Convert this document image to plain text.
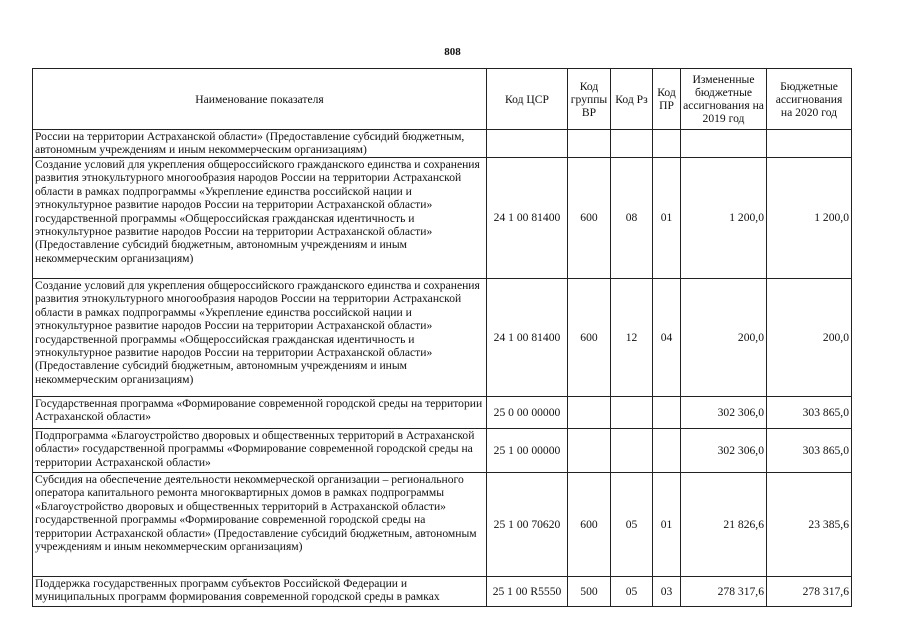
808
Наименование показателя	Код ЦСР	Код группы ВР	Код Рз	Код ПР	Измененные бюджетные ассигнования на 2019 год	Бюджетные ассигнования на 2020 год
России на территории Астраханской области» (Предоставление субсидий бюджетным, автономным учреждениям и иным некоммерческим организациям)						
Создание условий для укрепления общероссийского гражданского единства и сохранения развития этнокультурного многообразия народов России на территории Астраханской области в рамках подпрограммы «Укрепление единства российской нации и этнокультурное развитие народов России на территории Астраханской области» государственной программы «Общероссийская гражданская идентичность и этнокультурное развитие народов России на территории Астраханской области» (Предоставление субсидий бюджетным, автономным учреждениям и иным некоммерческим организациям)	24 1 00 81400	600	08	01	1 200,0	1 200,0
Создание условий для укрепления общероссийского гражданского единства и сохранения развития этнокультурного многообразия народов России на территории Астраханской области в рамках подпрограммы «Укрепление единства российской нации и этнокультурное развитие народов России на территории Астраханской области» государственной программы «Общероссийская гражданская идентичность и этнокультурное развитие народов России на территории Астраханской области» (Предоставление субсидий бюджетным, автономным учреждениям и иным некоммерческим организациям)	24 1 00 81400	600	12	04	200,0	200,0
Государственная программа «Формирование современной городской среды на территории Астраханской области»	25 0 00 00000				302 306,0	303 865,0
Подпрограмма «Благоустройство дворовых и общественных территорий в Астраханской области» государственной программы «Формирование современной городской среды на территории Астраханской области»	25 1 00 00000				302 306,0	303 865,0
Субсидия на обеспечение деятельности некоммерческой организации – регионального оператора капитального ремонта многоквартирных домов в рамках подпрограммы «Благоустройство дворовых и общественных территорий в Астраханской области» государственной программы «Формирование современной городской среды на территории Астраханской области» (Предоставление субсидий бюджетным, автономным учреждениям и иным некоммерческим организациям)	25 1 00 70620	600	05	01	21 826,6	23 385,6
Поддержка государственных программ субъектов Российской Федерации и муниципальных программ формирования современной городской среды в рамках	25 1 00 R5550	500	05	03	278 317,6	278 317,6
